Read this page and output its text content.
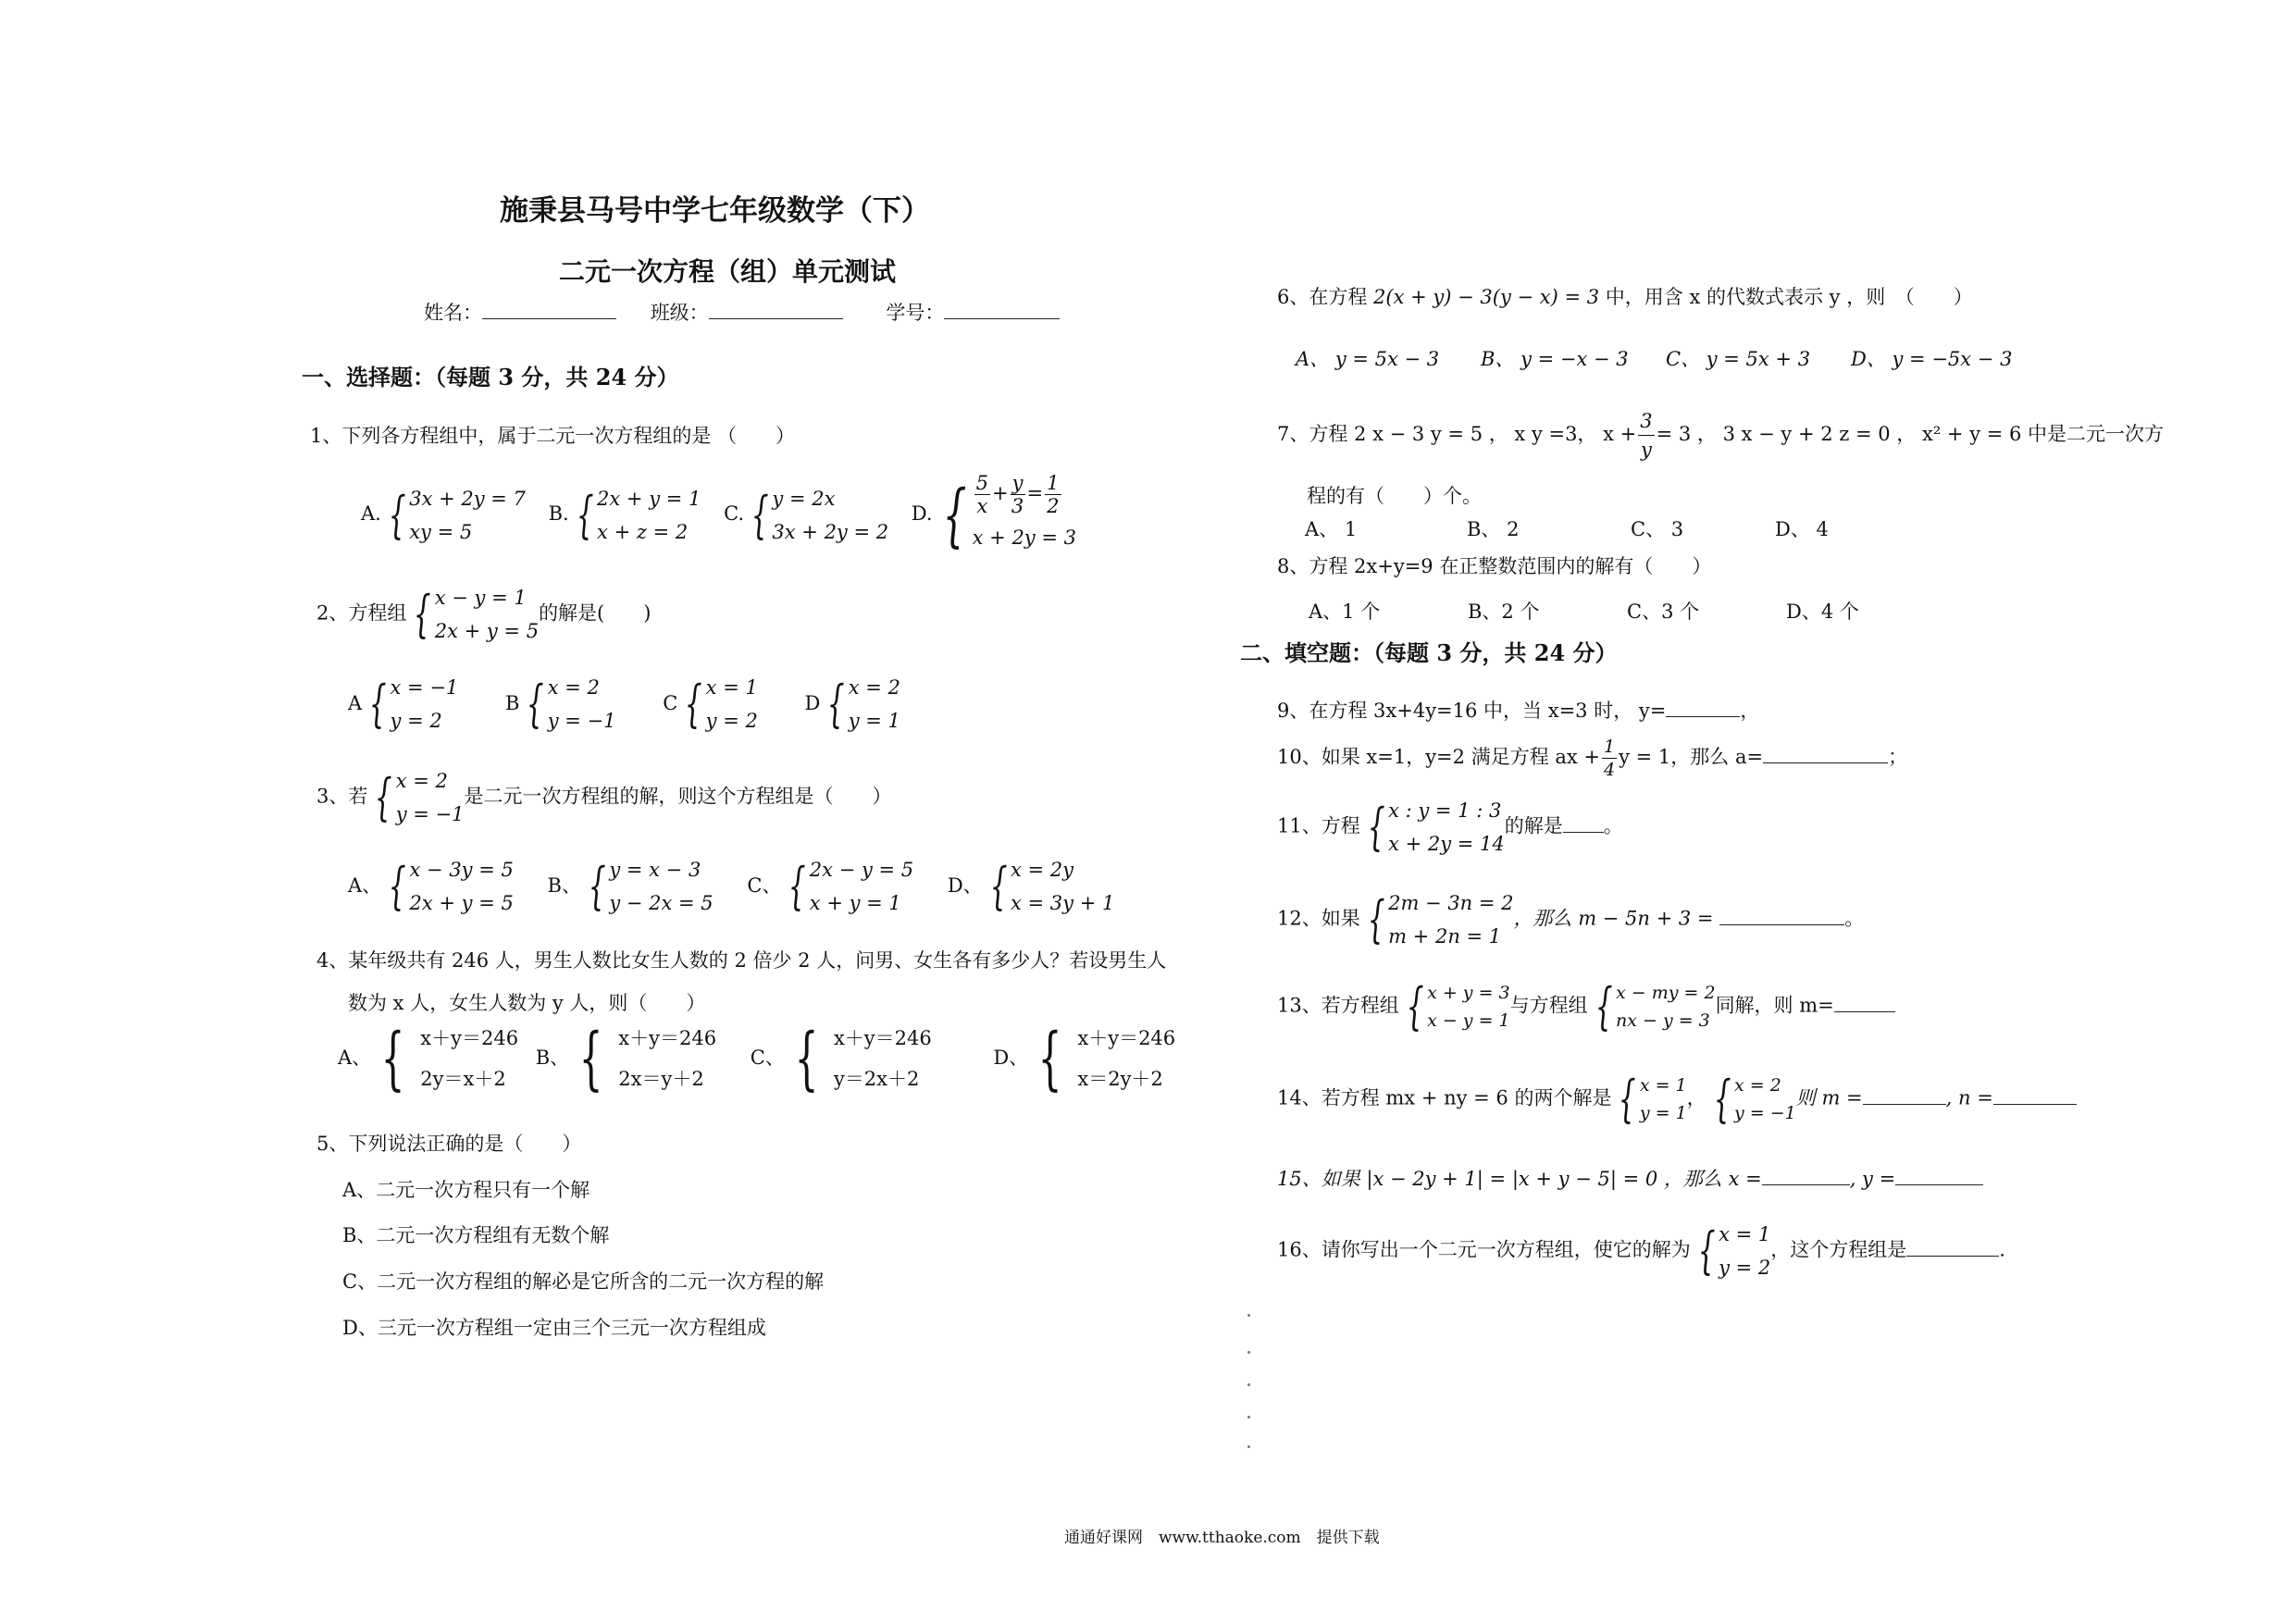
施秉县马号中学七年级数学（下）
二元一次方程（组）单元测试
姓名：	班级：	学号：
一、选择题：（每题 3 分，共 24 分）
1、下列各方程组中，属于二元一次方程组的是 （　　）
A. { 3x + 2y = 7
xy = 5
B. { 2x + y = 1
x + z = 2
C. { y = 2x
3x + 2y = 2
D. { $\frac{5}{x} + \frac{y}{3} = \frac{1}{2}$
x + 2y = 3
2、方程组 { x − y = 1
2x + y = 5
的解是(　　)
A { x = −1
y = 2
B { x = 2
y = −1
C { x = 1
y = 2
D { x = 2
y = 1
3、若 { x = 2
y = −1
是二元一次方程组的解，则这个方程组是（　　）
A、 { x − 3y = 5
2x + y = 5
B、 { y = x − 3
y − 2x = 5
C、 { 2x − y = 5
x + y = 1
D、 { x = 2y
x = 3y + 1
4、某年级共有 246 人，男生人数比女生人数的 2 倍少 2 人，问男、女生各有多少人？若设男生人
数为 x 人，女生人数为 y 人，则（　　）
A、 { x＋y＝246
2y＝x＋2
B、 { x＋y＝246
2x＝y＋2
C、 { x＋y＝246
y＝2x＋2
D、 { x＋y＝246
x＝2y＋2
5、下列说法正确的是（　　）
A、二元一次方程只有一个解
B、二元一次方程组有无数个解
C、二元一次方程组的解必是它所含的二元一次方程的解
D、三元一次方程组一定由三个三元一次方程组成
6、在方程 2(x + y) − 3(y − x) = 3 中，用含 x 的代数式表示 y ，则　（　　）
A、 y = 5x − 3 B、 y = −x − 3 C、 y = 5x + 3 D、 y = −5x − 3
7、方程 2 x − 3 y = 5 ， x y =3， $x + \frac{3}{y} = 3$ ， 3 x − y + 2 z = 0 ， x² + y = 6 中是二元一次方
程的有（　　）个。
A、 1	B、 2	C、 3	D、 4
8、方程 2x+y=9 在正整数范围内的解有（　　）
A、1 个	B、2 个	C、3 个	D、4 个
二、填空题：（每题 3 分，共 24 分）
9、在方程 3x+4y=16 中，当 x=3 时， y=	，
10、如果 x=1，y=2 满足方程 ax + $\frac{1}{4}$ y = 1，那么 a=	；
11、方程 { x : y = 1 : 3
x + 2y = 14
的解是 。
12、如果 { 2m − 3n = 2
m + 2n = 1
，那么 m − 5n + 3 =	。
13、若方程组 { x + y = 3
x − y = 1
与方程组 { x − my = 2
nx − y = 3
同解，则 m=
14、若方程 mx + ny = 6 的两个解是 { x = 1
y = 1
， { x = 2
y = −1
则 m =	, n =
15、如果 |x − 2y + 1| = |x + y − 5| = 0 ，那么 x =	, y =
16、请你写出一个二元一次方程组，使它的解为 { x = 1
y = 2
，这个方程组是	.
通通好课网　www.tthaoke.com　提供下载
